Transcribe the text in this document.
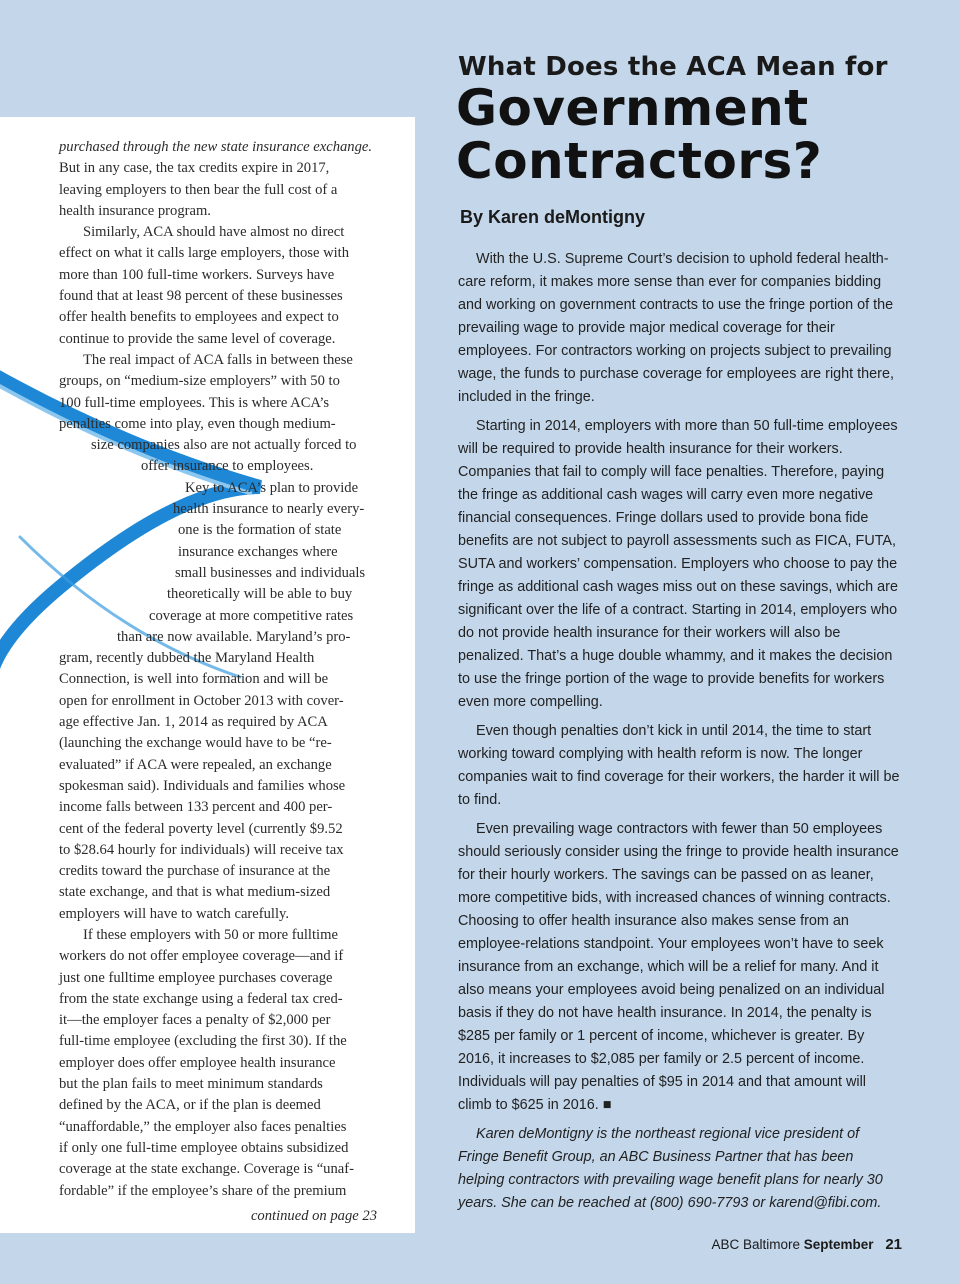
purchased through the new state insurance exchange.
But in any case, the tax credits expire in 2017,
leaving employers to then bear the full cost of a
health insurance program.
Similarly, ACA should have almost no direct
effect on what it calls large employers, those with
more than 100 full-time workers. Surveys have
found that at least 98 percent of these businesses
offer health benefits to employees and expect to
continue to provide the same level of coverage.
The real impact of ACA falls in between these
groups, on “medium-size employers” with 50 to
100 full-time employees. This is where ACA’s
penalties come into play, even though medium-
size companies also are not actually forced to
offer insurance to employees.
Key to ACA’s plan to provide
health insurance to nearly every-
one is the formation of state
insurance exchanges where
small businesses and individuals
theoretically will be able to buy
coverage at more competitive rates
than are now available. Maryland’s pro-
gram, recently dubbed the Maryland Health
Connection, is well into formation and will be
open for enrollment in October 2013 with cover-
age effective Jan. 1, 2014 as required by ACA
(launching the exchange would have to be “re-
evaluated” if ACA were repealed, an exchange
spokesman said). Individuals and families whose
income falls between 133 percent and 400 per-
cent of the federal poverty level (currently $9.52
to $28.64 hourly for individuals) will receive tax
credits toward the purchase of insurance at the
state exchange, and that is what medium-sized
employers will have to watch carefully.
If these employers with 50 or more fulltime
workers do not offer employee coverage—and if
just one fulltime employee purchases coverage
from the state exchange using a federal tax cred-
it—the employer faces a penalty of $2,000 per
full-time employee (excluding the first 30). If the
employer does offer employee health insurance
but the plan fails to meet minimum standards
defined by the ACA, or if the plan is deemed
“unaffordable,” the employer also faces penalties
if only one full-time employee obtains subsidized
coverage at the state exchange. Coverage is “unaf-
fordable” if the employee’s share of the premium
continued on page 23
What Does the ACA Mean for
Government
Contractors?
By Karen deMontigny

With the U.S. Supreme Court’s decision to uphold federal health-care reform, it makes more sense than ever for companies bidding and working on government contracts to use the fringe portion of the prevailing wage to provide major medical coverage for their employees. For contractors working on projects subject to prevailing wage, the funds to purchase coverage for employees are right there, included in the fringe.

Starting in 2014, employers with more than 50 full-time employees will be required to provide health insurance for their workers. Companies that fail to comply will face penalties. Therefore, paying the fringe as additional cash wages will carry even more negative financial consequences. Fringe dollars used to provide bona fide benefits are not subject to payroll assessments such as FICA, FUTA, SUTA and workers’ compensation. Employers who choose to pay the fringe as additional cash wages miss out on these savings, which are significant over the life of a contract. Starting in 2014, employers who do not provide health insurance for their workers will also be penalized. That’s a huge double whammy, and it makes the decision to use the fringe portion of the wage to provide benefits for workers even more compelling.

Even though penalties don’t kick in until 2014, the time to start working toward complying with health reform is now. The longer companies wait to find coverage for their workers, the harder it will be to find.

Even prevailing wage contractors with fewer than 50 employees should seriously consider using the fringe to provide health insurance for their hourly workers. The savings can be passed on as leaner, more competitive bids, with increased chances of winning contracts. Choosing to offer health insurance also makes sense from an employee-relations standpoint. Your employees won’t have to seek insurance from an exchange, which will be a relief for many. And it also means your employees avoid being penalized on an individual basis if they do not have health insurance. In 2014, the penalty is $285 per family or 1 percent of income, whichever is greater. By 2016, it increases to $2,085 per family or 2.5 percent of income. Individuals will pay penalties of $95 in 2014 and that amount will climb to $625 in 2016. ■

Karen deMontigny is the northeast regional vice president of Fringe Benefit Group, an ABC Business Partner that has been helping contractors with prevailing wage benefit plans for nearly 30 years. She can be reached at (800) 690-7793 or karend@fibi.com.

ABC Baltimore September 21
